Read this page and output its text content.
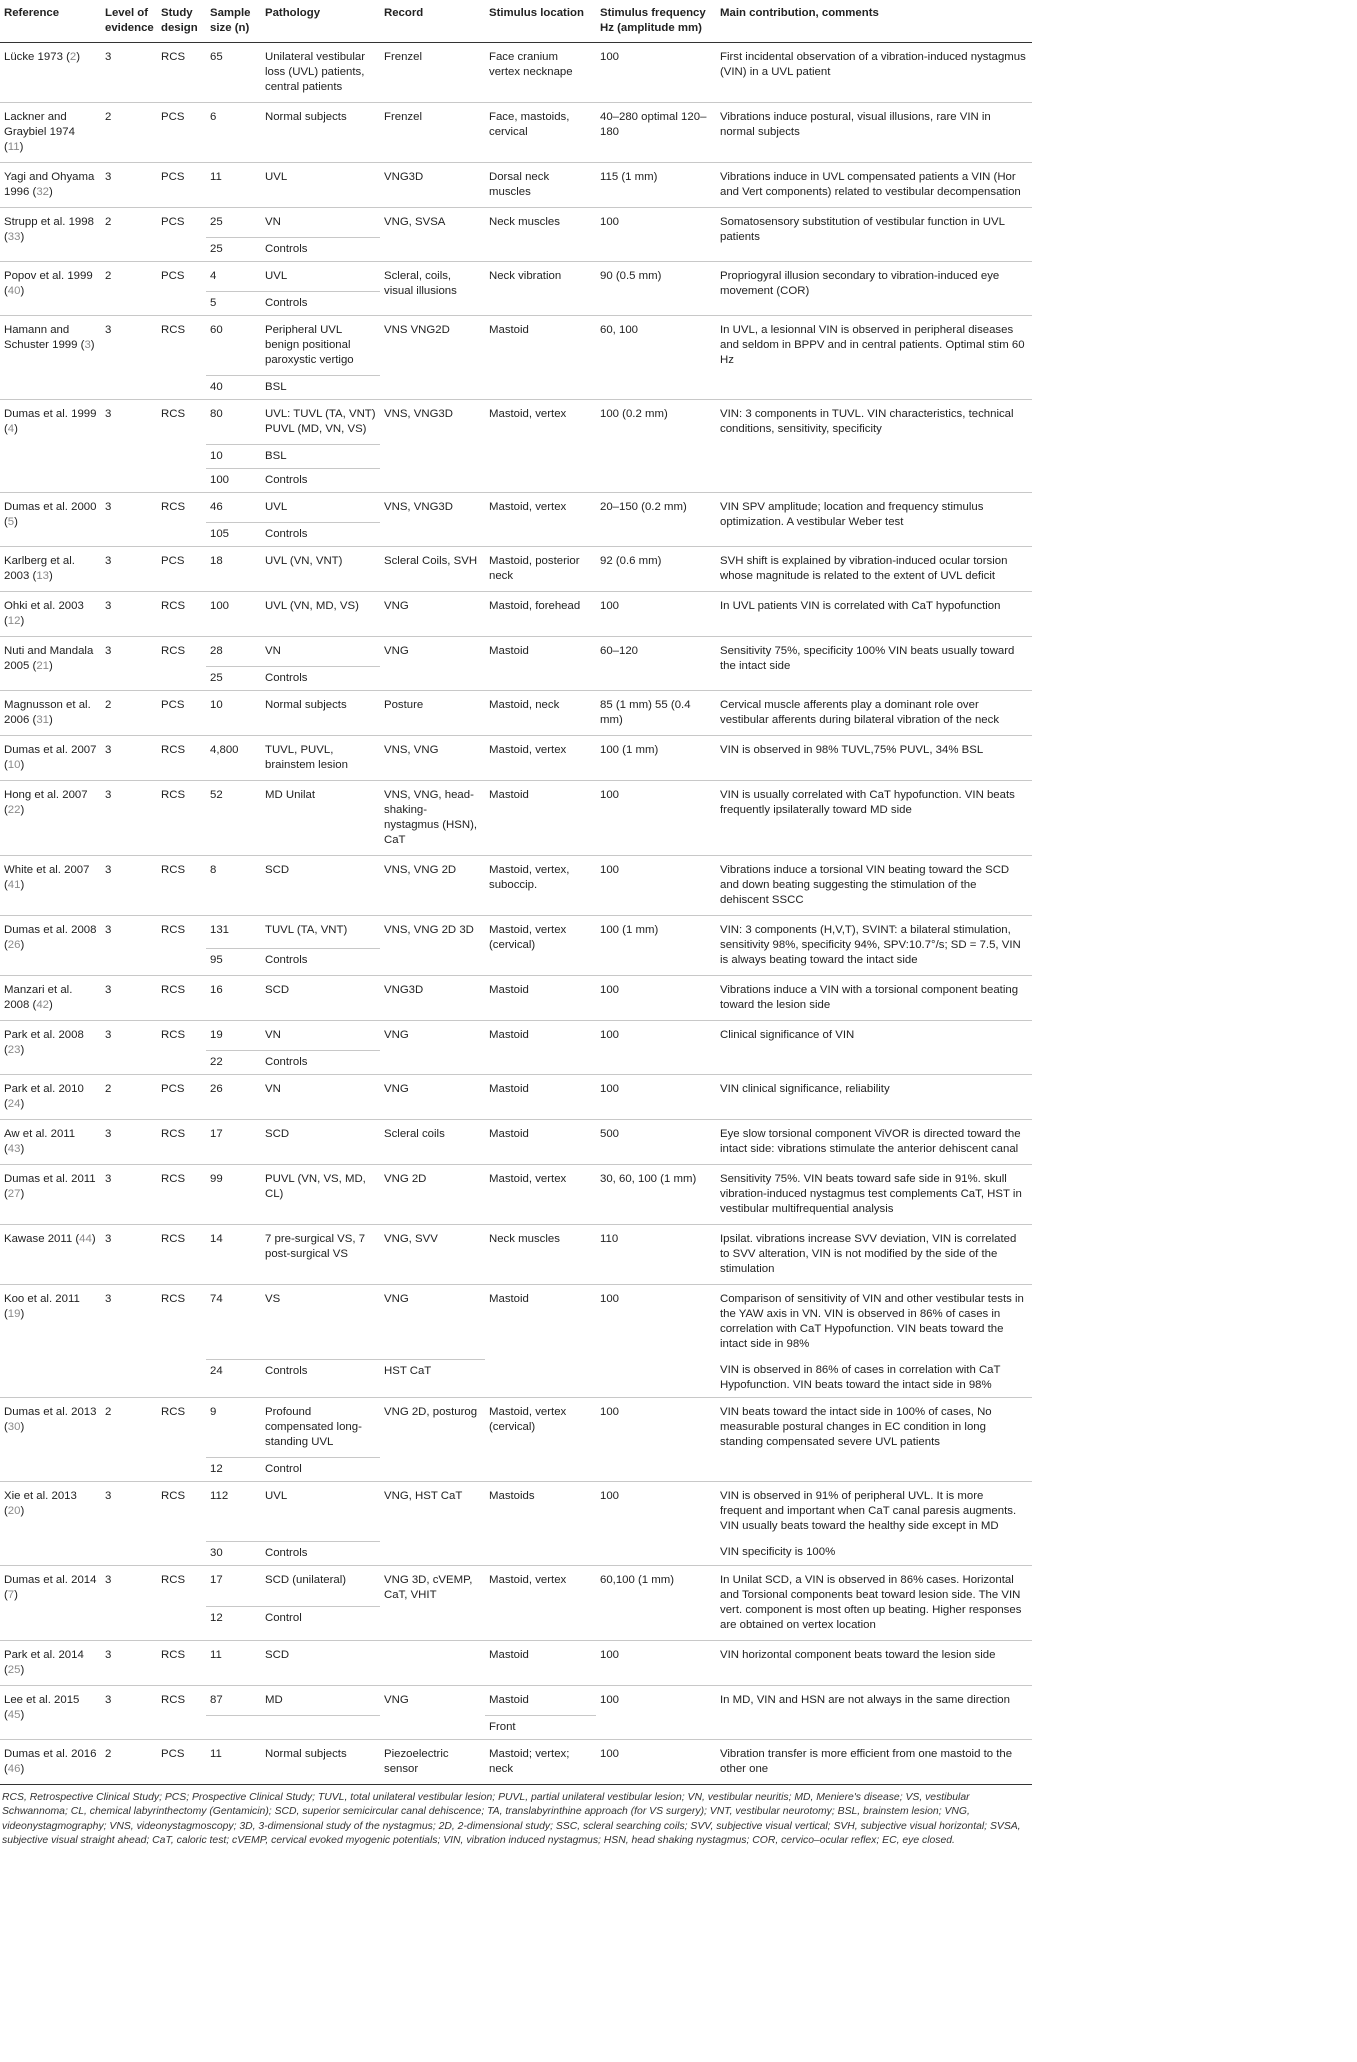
Reference	Level of evidence	Study design	Sample size (n)	Pathology	Record	Stimulus location	Stimulus frequency Hz (amplitude mm)	Main contribution, comments
Lücke 1973 (2)	3	RCS	65	Unilateral vestibular loss (UVL) patients, central patients	Frenzel	Face cranium vertex necknape	100	First incidental observation of a vibration-induced nystagmus (VIN) in a UVL patient
Lackner and Graybiel 1974 (11)	2	PCS	6	Normal subjects	Frenzel	Face, mastoids, cervical	40–280 optimal 120–180	Vibrations induce postural, visual illusions, rare VIN in normal subjects
Yagi and Ohyama 1996 (32)	3	PCS	11	UVL	VNG3D	Dorsal neck muscles	115 (1 mm)	Vibrations induce in UVL compensated patients a VIN (Hor and Vert components) related to vestibular decompensation
Strupp et al. 1998 (33)	2	PCS	25	VN	VNG, SVSA	Neck muscles	100	Somatosensory substitution of vestibular function in UVL patients
			25	Controls				
Popov et al. 1999 (40)	2	PCS	4	UVL	Scleral, coils, visual illusions	Neck vibration	90 (0.5 mm)	Propriogyral illusion secondary to vibration-induced eye movement (COR)
			5	Controls				
Hamann and Schuster 1999 (3)	3	RCS	60	Peripheral UVL benign positional paroxystic vertigo	VNS VNG2D	Mastoid	60, 100	In UVL, a lesionnal VIN is observed in peripheral diseases and seldom in BPPV and in central patients. Optimal stim 60 Hz
			40	BSL				
Dumas et al. 1999 (4)	3	RCS	80	UVL: TUVL (TA, VNT) PUVL (MD, VN, VS)	VNS, VNG3D	Mastoid, vertex	100 (0.2 mm)	VIN: 3 components in TUVL. VIN characteristics, technical conditions, sensitivity, specificity
			10	BSL				
			100	Controls				
Dumas et al. 2000 (5)	3	RCS	46	UVL	VNS, VNG3D	Mastoid, vertex	20–150 (0.2 mm)	VIN SPV amplitude; location and frequency stimulus optimization. A vestibular Weber test
			105	Controls				
Karlberg et al. 2003 (13)	3	PCS	18	UVL (VN, VNT)	Scleral Coils, SVH	Mastoid, posterior neck	92 (0.6 mm)	SVH shift is explained by vibration-induced ocular torsion whose magnitude is related to the extent of UVL deficit
Ohki et al. 2003 (12)	3	RCS	100	UVL (VN, MD, VS)	VNG	Mastoid, forehead	100	In UVL patients VIN is correlated with CaT hypofunction
Nuti and Mandala 2005 (21)	3	RCS	28	VN	VNG	Mastoid	60–120	Sensitivity 75%, specificity 100% VIN beats usually toward the intact side
			25	Controls				
Magnusson et al. 2006 (31)	2	PCS	10	Normal subjects	Posture	Mastoid, neck	85 (1 mm) 55 (0.4 mm)	Cervical muscle afferents play a dominant role over vestibular afferents during bilateral vibration of the neck
Dumas et al. 2007 (10)	3	RCS	4,800	TUVL, PUVL, brainstem lesion	VNS, VNG	Mastoid, vertex	100 (1 mm)	VIN is observed in 98% TUVL,75% PUVL, 34% BSL
Hong et al. 2007 (22)	3	RCS	52	MD Unilat	VNS, VNG, head-shaking-nystagmus (HSN), CaT	Mastoid	100	VIN is usually correlated with CaT hypofunction. VIN beats frequently ipsilaterally toward MD side
White et al. 2007 (41)	3	RCS	8	SCD	VNS, VNG 2D	Mastoid, vertex, suboccip.	100	Vibrations induce a torsional VIN beating toward the SCD and down beating suggesting the stimulation of the dehiscent SSCC
Dumas et al. 2008 (26)	3	RCS	131	TUVL (TA, VNT)	VNS, VNG 2D 3D	Mastoid, vertex (cervical)	100 (1 mm)	VIN: 3 components (H,V,T), SVINT: a bilateral stimulation, sensitivity 98%, specificity 94%, SPV:10.7°/s; SD = 7.5, VIN is always beating toward the intact side
			95	Controls				
Manzari et al. 2008 (42)	3	RCS	16	SCD	VNG3D	Mastoid	100	Vibrations induce a VIN with a torsional component beating toward the lesion side
Park et al. 2008 (23)	3	RCS	19	VN	VNG	Mastoid	100	Clinical significance of VIN
			22	Controls				
Park et al. 2010 (24)	2	PCS	26	VN	VNG	Mastoid	100	VIN clinical significance, reliability
Aw et al. 2011 (43)	3	RCS	17	SCD	Scleral coils	Mastoid	500	Eye slow torsional component ViVOR is directed toward the intact side: vibrations stimulate the anterior dehiscent canal
Dumas et al. 2011 (27)	3	RCS	99	PUVL (VN, VS, MD, CL)	VNG 2D	Mastoid, vertex	30, 60, 100 (1 mm)	Sensitivity 75%. VIN beats toward safe side in 91%. skull vibration-induced nystagmus test complements CaT, HST in vestibular multifrequential analysis
Kawase 2011 (44)	3	RCS	14	7 pre-surgical VS, 7 post-surgical VS	VNG, SVV	Neck muscles	110	Ipsilat. vibrations increase SVV deviation, VIN is correlated to SVV alteration, VIN is not modified by the side of the stimulation
Koo et al. 2011 (19)	3	RCS	74	VS	VNG	Mastoid	100	Comparison of sensitivity of VIN and other vestibular tests in the YAW axis in VN. VIN is observed in 86% of cases in correlation with CaT Hypofunction. VIN beats toward the intact side in 98%
			24	Controls	HST CaT			VIN is observed in 86% of cases in correlation with CaT Hypofunction. VIN beats toward the intact side in 98%
Dumas et al. 2013 (30)	2	RCS	9	Profound compensated long-standing UVL	VNG 2D, posturog	Mastoid, vertex (cervical)	100	VIN beats toward the intact side in 100% of cases, No measurable postural changes in EC condition in long standing compensated severe UVL patients
			12	Control				
Xie et al. 2013 (20)	3	RCS	112	UVL	VNG, HST CaT	Mastoids	100	VIN is observed in 91% of peripheral UVL. It is more frequent and important when CaT canal paresis augments. VIN usually beats toward the healthy side except in MD
			30	Controls				VIN specificity is 100%
Dumas et al. 2014 (7)	3	RCS	17	SCD (unilateral)	VNG 3D, cVEMP, CaT, VHIT	Mastoid, vertex	60,100 (1 mm)	In Unilat SCD, a VIN is observed in 86% cases. Horizontal and Torsional components beat toward lesion side. The VIN vert. component is most often up beating. Higher responses are obtained on vertex location
			12	Control				
Park et al. 2014 (25)	3	RCS	11	SCD		Mastoid	100	VIN horizontal component beats toward the lesion side
Lee et al. 2015 (45)	3	RCS	87	MD	VNG	Mastoid	100	In MD, VIN and HSN are not always in the same direction
						Front		
Dumas et al. 2016 (46)	2	PCS	11	Normal subjects	Piezoelectric sensor	Mastoid; vertex; neck	100	Vibration transfer is more efficient from one mastoid to the other one
RCS, Retrospective Clinical Study; PCS; Prospective Clinical Study; TUVL, total unilateral vestibular lesion; PUVL, partial unilateral vestibular lesion; VN, vestibular neuritis; MD, Meniere's disease; VS, vestibular Schwannoma; CL, chemical labyrinthectomy (Gentamicin); SCD, superior semicircular canal dehiscence; TA, translabyrinthine approach (for VS surgery); VNT, vestibular neurotomy; BSL, brainstem lesion; VNG, videonystagmography; VNS, videonystagmoscopy; 3D, 3-dimensional study of the nystagmus; 2D, 2-dimensional study; SSC, scleral searching coils; SVV, subjective visual vertical; SVH, subjective visual horizontal; SVSA, subjective visual straight ahead; CaT, caloric test; cVEMP, cervical evoked myogenic potentials; VIN, vibration induced nystagmus; HSN, head shaking nystagmus; COR, cervico–ocular reflex; EC, eye closed.
